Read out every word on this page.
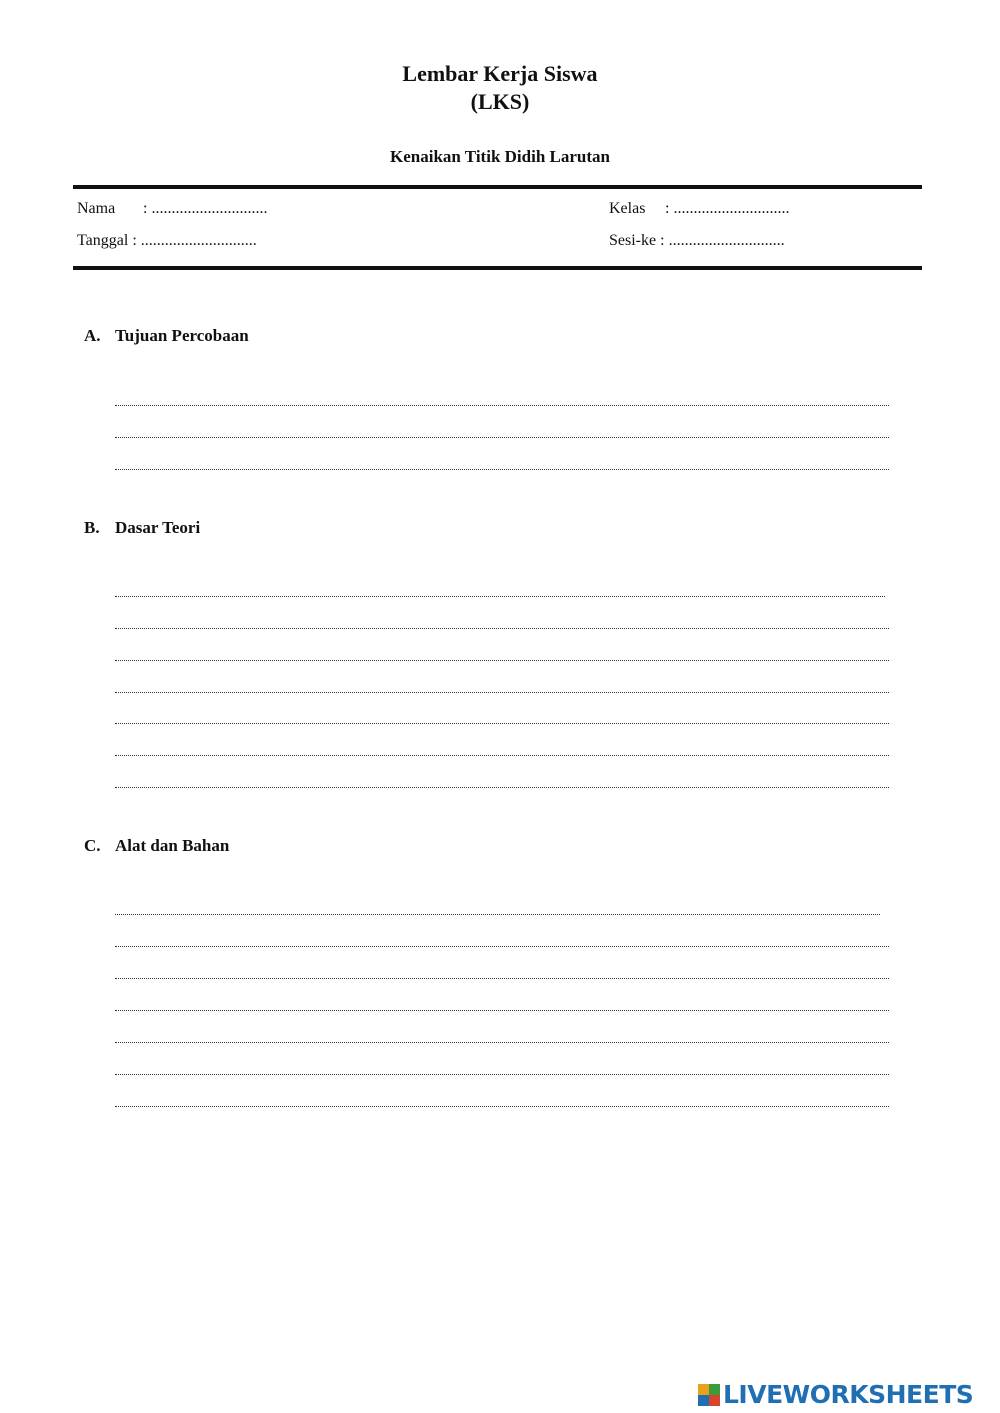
Lembar Kerja Siswa
(LKS)
Kenaikan Titik Didih Larutan
Nama : .............................
Tanggal : .............................
Kelas : .............................
Sesi-ke : .............................
A. Tujuan Percobaan
B. Dasar Teori
C. Alat dan Bahan
LIVEWORKSHEETS
